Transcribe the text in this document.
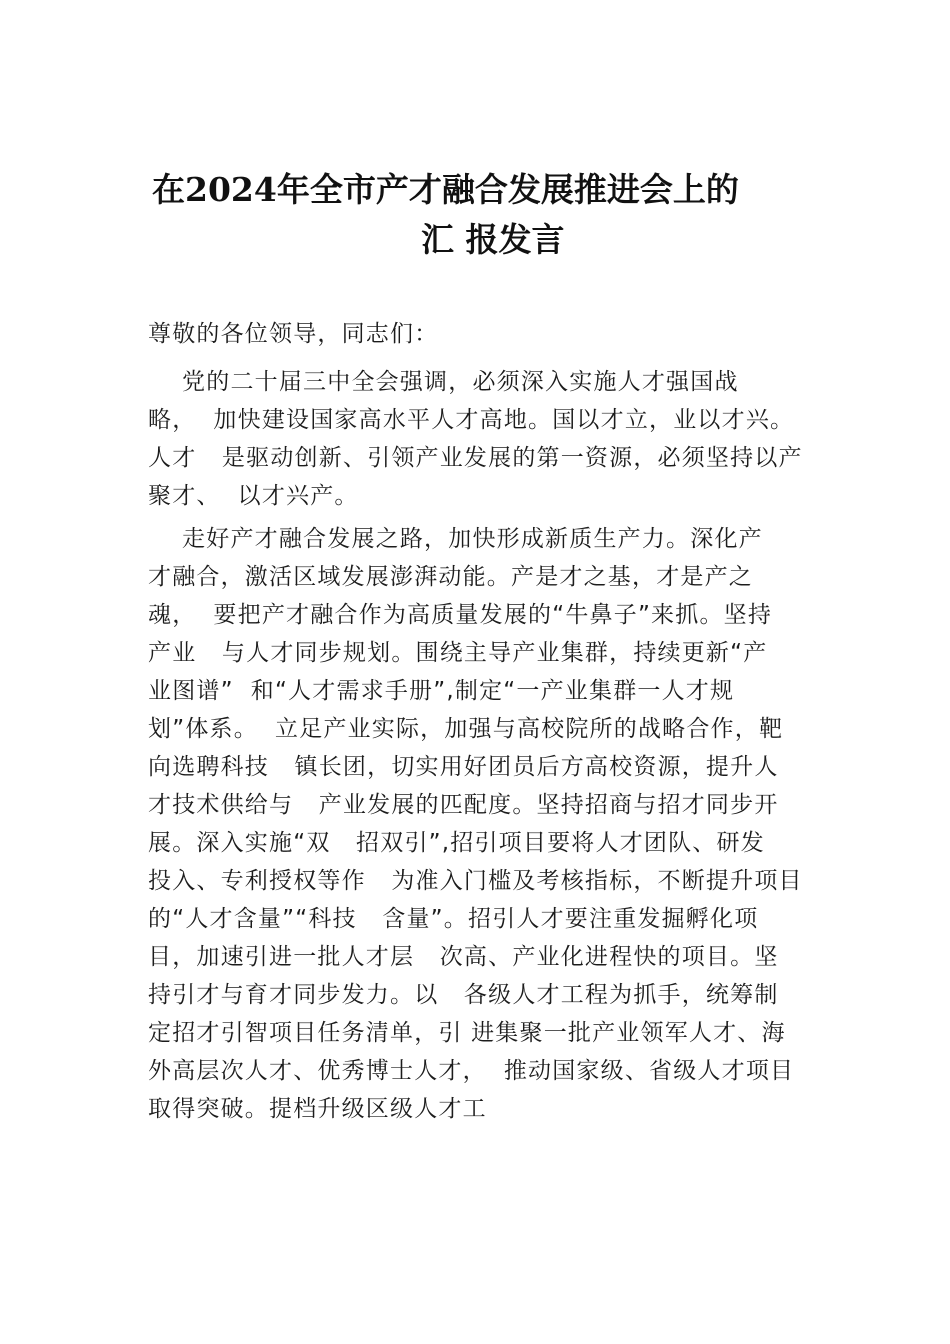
在2024年全市产才融合发展推进会上的
汇 报发言
尊敬的各位领导，同志们：
党的二十届三中全会强调，必须深入实施人才强国战
略，  加快建设国家高水平人才高地。国以才立，业以才兴。
人才   是驱动创新、引领产业发展的第一资源，必须坚持以产
聚才、  以才兴产。
走好产才融合发展之路，加快形成新质生产力。深化产
才融合，激活区域发展澎湃动能。产是才之基，才是产之
魂，  要把产才融合作为高质量发展的“牛鼻子”来抓。坚持
产业   与人才同步规划。围绕主导产业集群，持续更新“产
业图谱”  和“人才需求手册”,制定“一产业集群一人才规
划”体系。  立足产业实际，加强与高校院所的战略合作，靶
向选聘科技   镇长团，切实用好团员后方高校资源，提升人
才技术供给与   产业发展的匹配度。坚持招商与招才同步开
展。深入实施“双   招双引”,招引项目要将人才团队、研发
投入、专利授权等作   为准入门槛及考核指标，不断提升项目
的“人才含量”“科技   含量”。招引人才要注重发掘孵化项
目，加速引进一批人才层   次高、产业化进程快的项目。坚
持引才与育才同步发力。以   各级人才工程为抓手，统筹制
定招才引智项目任务清单，引 进集聚一批产业领军人才、海
外高层次人才、优秀博士人才，  推动国家级、省级人才项目
取得突破。提档升级区级人才工
